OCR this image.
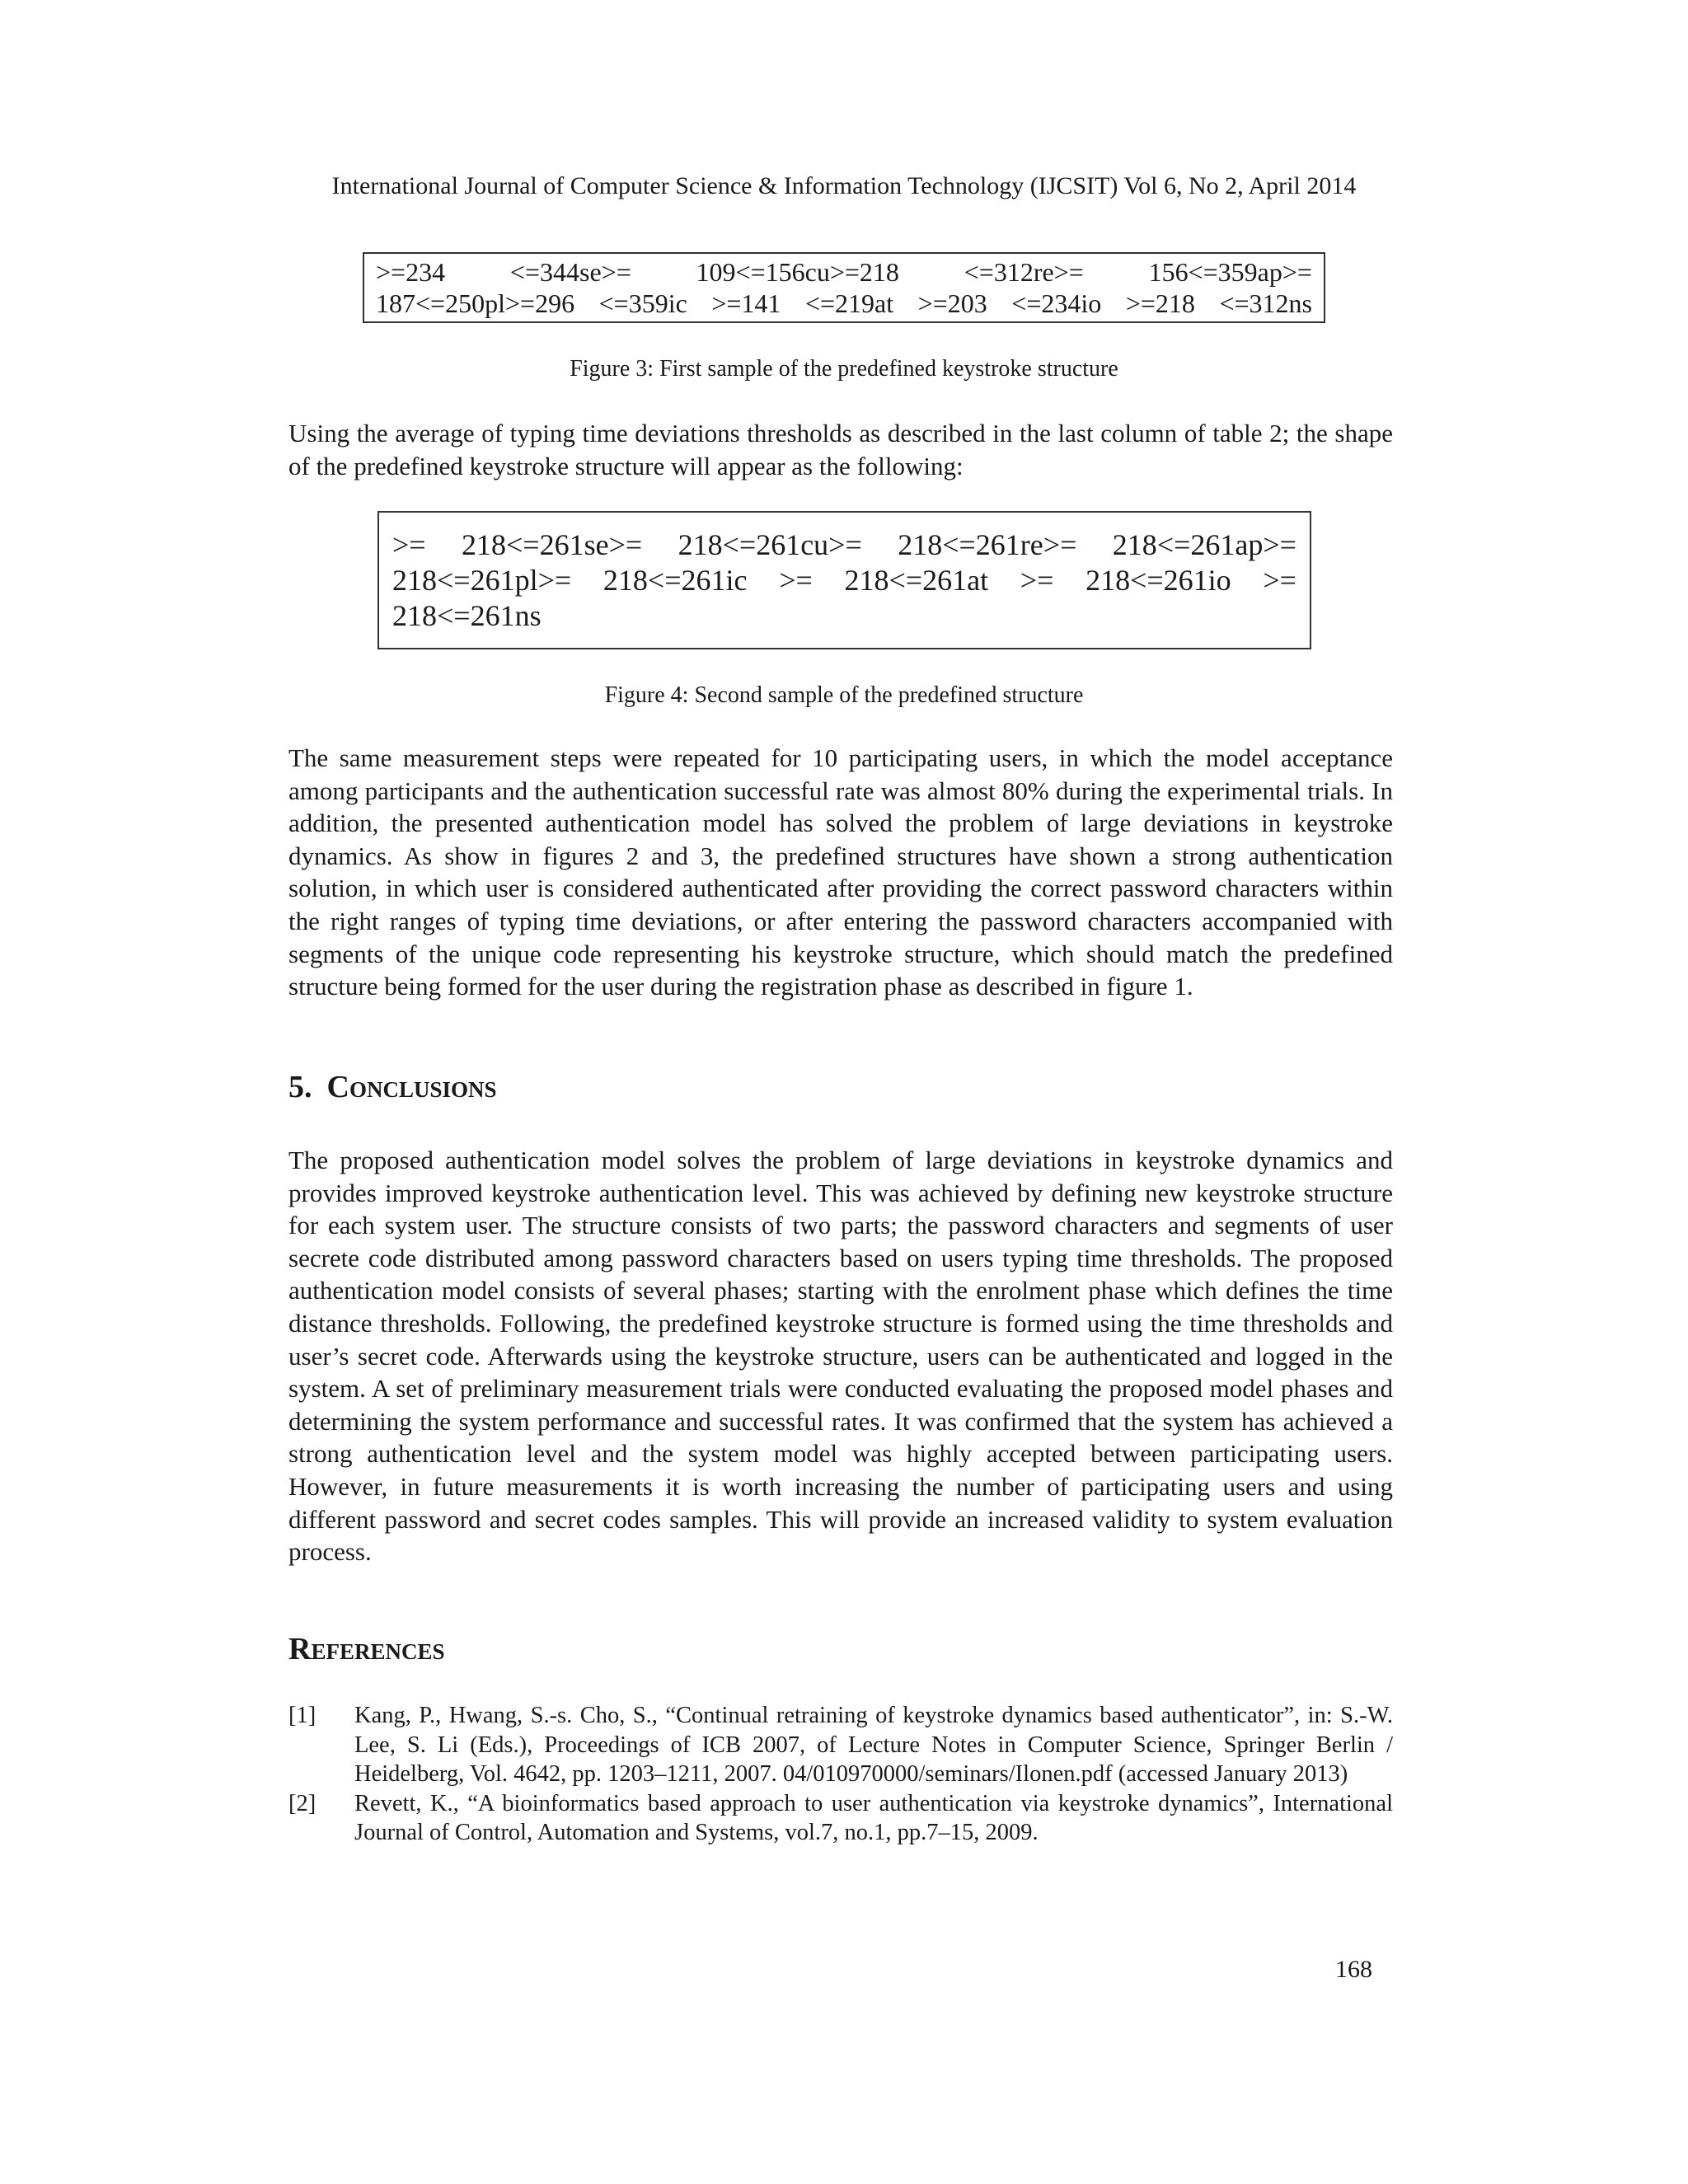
International Journal of Computer Science & Information Technology (IJCSIT) Vol 6, No 2, April 2014
>=234 <=344se>= 109<=156cu>=218 <=312re>= 156<=359ap>=
187<=250pl>=296 <=359ic >=141 <=219at >=203 <=234io >=218 <=312ns
Figure 3: First sample of the predefined keystroke structure

Using the average of typing time deviations thresholds as described in the last column of table 2; the shape of the predefined keystroke structure will appear as the following:

>= 218<=261se>= 218<=261cu>= 218<=261re>= 218<=261ap>=
218<=261pl>= 218<=261ic >= 218<=261at >= 218<=261io >=
218<=261ns
Figure 4: Second sample of the predefined structure

The same measurement steps were repeated for 10 participating users, in which the model acceptance among participants and the authentication successful rate was almost 80% during the experimental trials. In addition, the presented authentication model has solved the problem of large deviations in keystroke dynamics. As show in figures 2 and 3, the predefined structures have shown a strong authentication solution, in which user is considered authenticated after providing the correct password characters within the right ranges of typing time deviations, or after entering the password characters accompanied with segments of the unique code representing his keystroke structure, which should match the predefined structure being formed for the user during the registration phase as described in figure 1.

5. Conclusions

The proposed authentication model solves the problem of large deviations in keystroke dynamics and provides improved keystroke authentication level. This was achieved by defining new keystroke structure for each system user. The structure consists of two parts; the password characters and segments of user secrete code distributed among password characters based on users typing time thresholds. The proposed authentication model consists of several phases; starting with the enrolment phase which defines the time distance thresholds. Following, the predefined keystroke structure is formed using the time thresholds and user’s secret code. Afterwards using the keystroke structure, users can be authenticated and logged in the system. A set of preliminary measurement trials were conducted evaluating the proposed model phases and determining the system performance and successful rates. It was confirmed that the system has achieved a strong authentication level and the system model was highly accepted between participating users. However, in future measurements it is worth increasing the number of participating users and using different password and secret codes samples. This will provide an increased validity to system evaluation process.

References
[1]	Kang, P., Hwang, S.-s. Cho, S., “Continual retraining of keystroke dynamics based authenticator”, in: S.-W. Lee, S. Li (Eds.), Proceedings of ICB 2007, of Lecture Notes in Computer Science, Springer Berlin / Heidelberg, Vol. 4642, pp. 1203–1211, 2007. 04/010970000/seminars/Ilonen.pdf (accessed January 2013)
[2]	Revett, K., “A bioinformatics based approach to user authentication via keystroke dynamics”, International Journal of Control, Automation and Systems, vol.7, no.1, pp.7–15, 2009.
168
